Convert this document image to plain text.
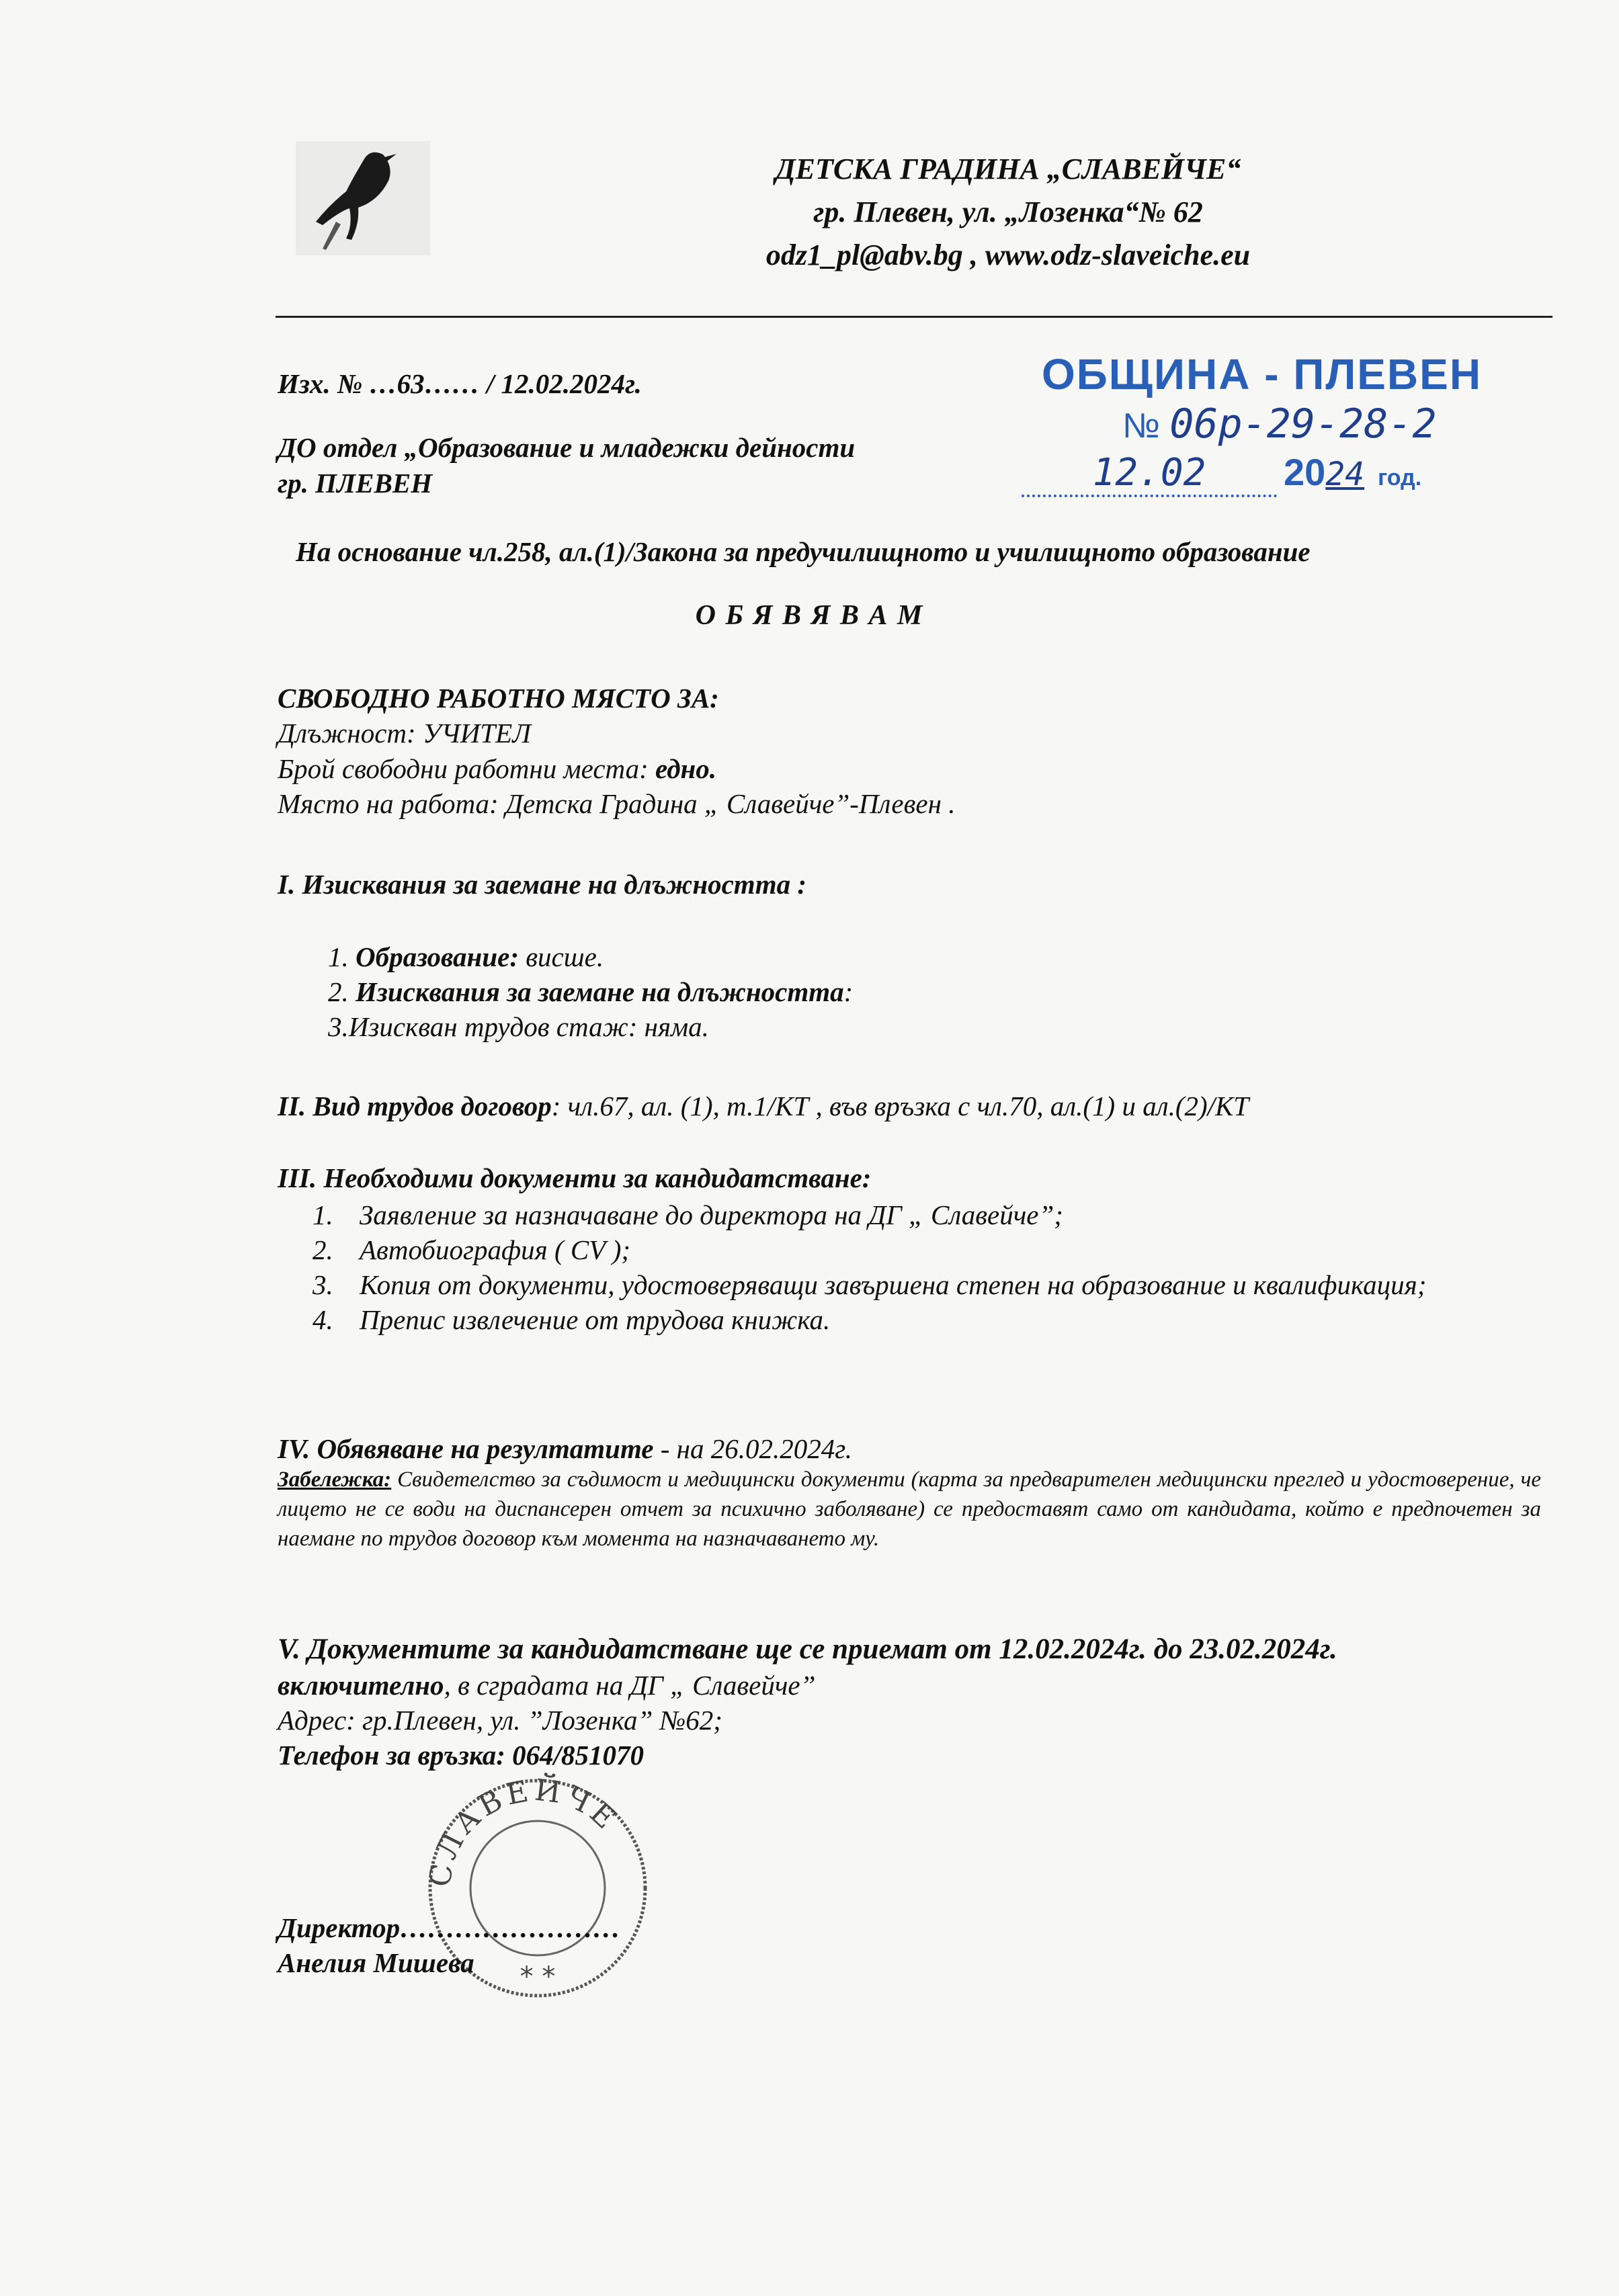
ДЕТСКА ГРАДИНА „СЛАВЕЙЧЕ“
гр. Плевен, ул. „Лозенка“№ 62
odz1_pl@abv.bg , www.odz-slaveiche.eu
Изх. № …63…… / 12.02.2024г.
ДО отдел „Образование и младежки дейности
гр. ПЛЕВЕН
ОБЩИНА - ПЛЕВЕН
№ 06р-29-28-2
12.02 2024 год.
На основание чл.258, ал.(1)/Закона за предучилищното и училищното образование
О Б Я В Я В А М
СВОБОДНО РАБОТНО МЯСТО ЗА:
Длъжност: УЧИТЕЛ
Брой свободни работни места: едно.
Място на работа: Детска Градина „ Славейче”-Плевен .
I. Изисквания за заемане на длъжността :
1. Образование: висше.
2. Изисквания за заемане на длъжността:
3.Изискван трудов стаж: няма.
II. Вид трудов договор: чл.67, ал. (1), т.1/КТ , във връзка с чл.70, ал.(1) и ал.(2)/КТ
III. Необходими документи за кандидатстване:
1. Заявление за назначаване до директора на ДГ „ Славейче”;
2. Автобиография ( CV );
3. Копия от документи, удостоверяващи завършена степен на образование и квалификация;
4. Препис извлечение от трудова книжка.
IV. Обявяване на резултатите - на 26.02.2024г.
Забележка: Свидетелство за съдимост и медицински документи (карта за предварителен медицински преглед и удостоверение, че лицето не се води на диспансерен отчет за психично заболяване) се предоставят само от кандидата, който е предпочетен за наемане по трудов договор към момента на назначаването му.
V. Документите за кандидатстване ще се приемат от 12.02.2024г. до 23.02.2024г.
включително, в сградата на ДГ „ Славейче”
Адрес: гр.Плевен, ул. ”Лозенка” №62;
Телефон за връзка: 064/851070
СЛАВЕЙЧЕ
* *
Директор……………………
Анелия Мишева
